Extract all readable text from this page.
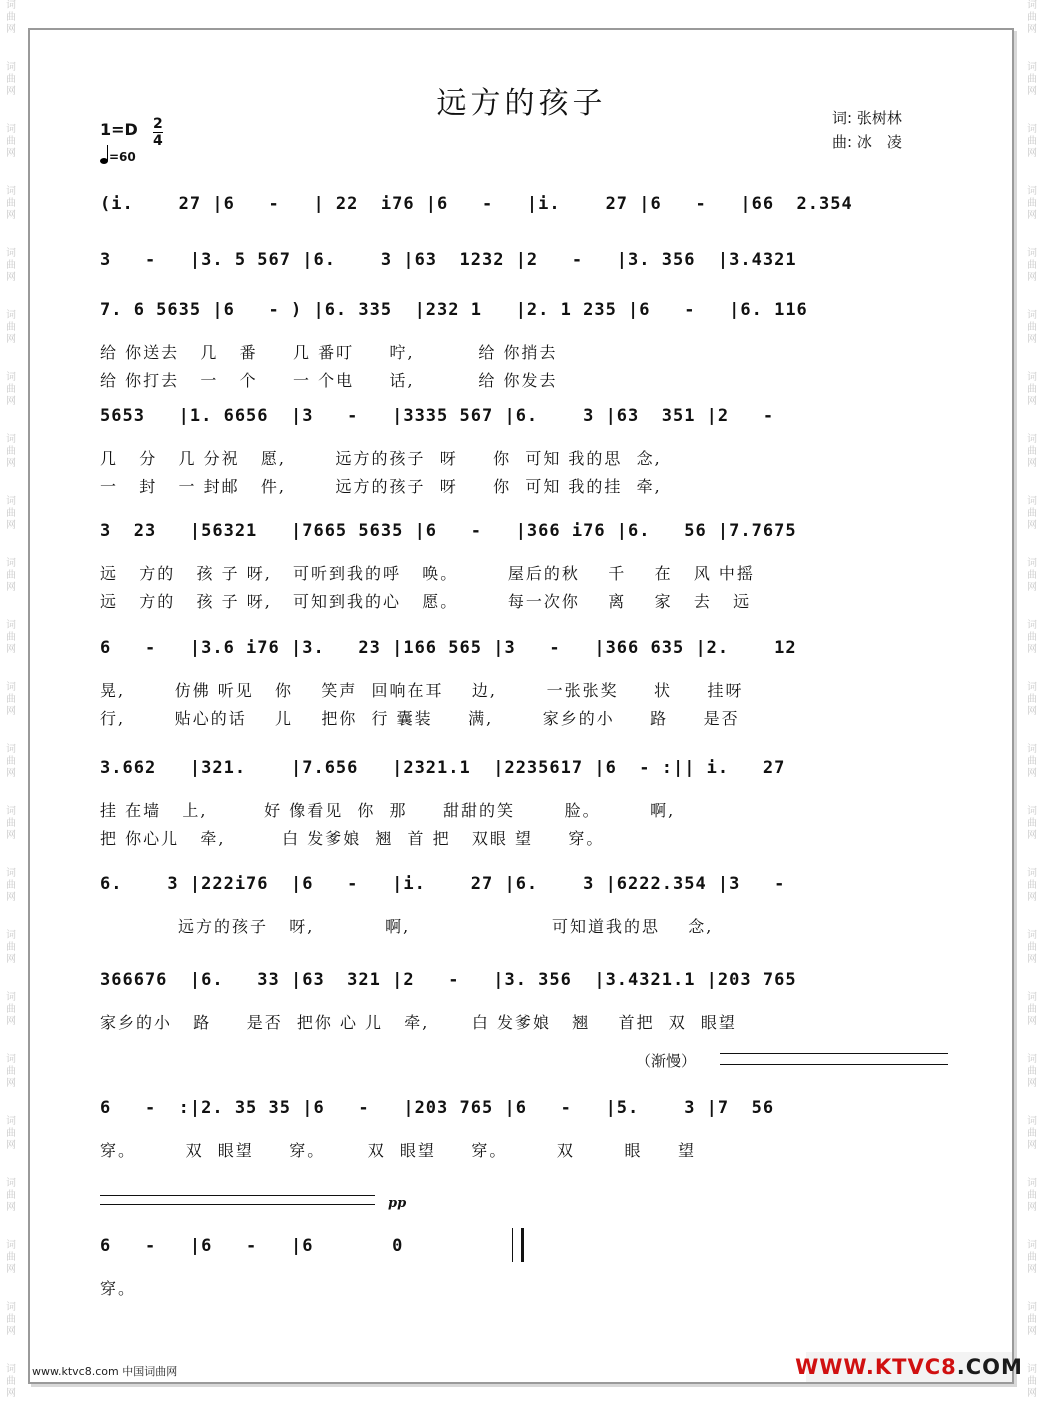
词曲网
词曲网
词曲网
词曲网
词曲网
词曲网
词曲网
词曲网
词曲网
词曲网
词曲网
词曲网
词曲网
词曲网
词曲网
词曲网
词曲网
词曲网
词曲网
词曲网
词曲网
词曲网
词曲网
词曲网
词曲网
词曲网
词曲网
词曲网
词曲网
词曲网
词曲网
词曲网
词曲网
词曲网
词曲网
词曲网
词曲网
词曲网
词曲网
词曲网
词曲网
词曲网
词曲网
词曲网
词曲网
词曲网
远方的孩子	词: 张树林
曲: 冰　凌
1=D 2
4
=60
(i.    27 |6   -   | 22  i76 |6   -   |i.    27 |6   -   |66  2.354
3   -   |3. 5 567 |6.    3 |63  1232 |2   -   |3. 356  |3.4321
7. 6 5635 |6   - ) |6. 335  |232 1   |2. 1 235 |6   -   |6. 116
给 你送去   几   番     几 番叮     咛,         给 你捎去
给 你打去   一   个     一 个电     话,         给 你发去
5653   |1. 6656  |3   -   |3335 567 |6.    3 |63  351 |2   -
几   分   几 分祝   愿,       远方的孩子  呀     你  可知 我的思  念,
一   封   一 封邮   件,       远方的孩子  呀     你  可知 我的挂  牵,
3  23   |56321   |7665 5635 |6   -   |366 i76 |6.   56 |7.7675
远   方的   孩 子 呀,   可听到我的呼   唤。       屋后的秋    千    在   风 中摇
远   方的   孩 子 呀,   可知到我的心   愿。       每一次你    离    家   去   远
6   -   |3.6 i76 |3.   23 |166 565 |3   -   |366 635 |2.    12
晃,       仿佛 听见   你    笑声  回响在耳    边,       一张张奖     状     挂呀
行,       贴心的话    儿    把你  行 囊装     满,       家乡的小     路     是否
3.662   |321.    |7.656   |2321.1  |2235617 |6  - :|| i.   27
挂 在墙   上,        好 像看见  你  那     甜甜的笑       脸。       啊,
把 你心儿   牵,        白 发爹娘  翘  首 把   双眼 望     穿。
6.    3 |222i76  |6   -   |i.    27 |6.    3 |6222.354 |3   -
远方的孩子   呀,          啊,                    可知道我的思    念,
366676  |6.   33 |63  321 |2   -   |3. 356  |3.4321.1 |203 765
家乡的小   路     是否  把你 心 儿   牵,      白 发爹娘   翘    首把  双  眼望
6   -  :|2. 35 35 |6   -   |203 765 |6   -   |5.    3 |7  56
穿。       双  眼望     穿。      双  眼望     穿。       双       眼     望
6   -   |6   -   |6       0
穿。
（渐慢）
pp
www.ktvc8.com 中国词曲网	WWW.KTVC8 .COM
